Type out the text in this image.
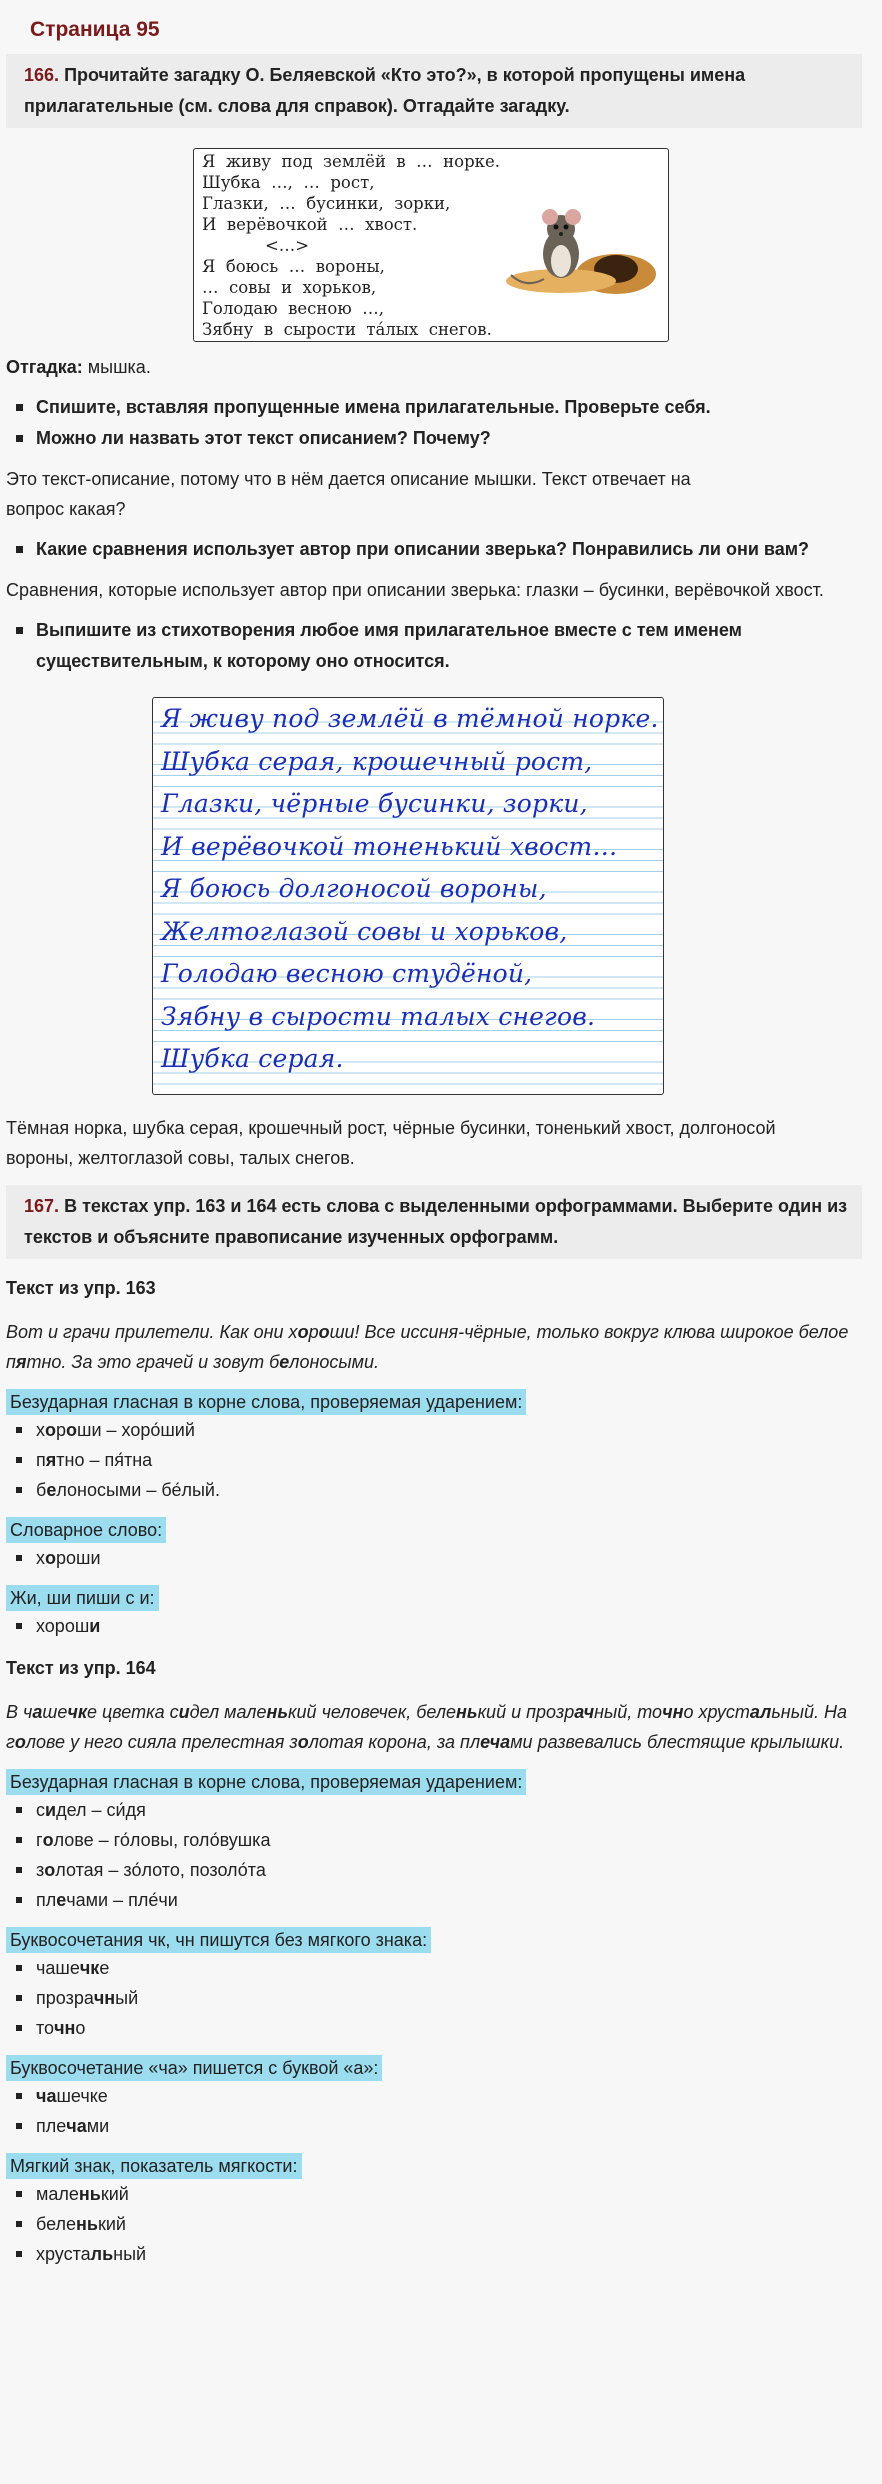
Страница 95
166. Прочитайте загадку О. Беляевской «Кто это?», в которой пропущены имена прилагательные (см. слова для справок). Отгадайте загадку.
Я  живу  под  землёй  в  …  норке.
Шубка  …,  …  рост,
Глазки,  …  бусинки,  зорки,
И  верёвочкой  …  хвост.
<…>
Я  боюсь  …  вороны,
…  совы  и  хорьков,
Голодаю  весною  …,
Зябну  в  сырости  та́лых  снегов.

Отгадка: мышка.

Спишите, вставляя пропущенные имена прилагательные. Проверьте себя.
Можно ли назвать этот текст описанием? Почему?

Это текст-описание, потому что в нём дается описание мышки. Текст отвечает на вопрос какая?

Какие сравнения использует автор при описании зверька? Понравились ли они вам?

Сравнения, которые использует автор при описании зверька: глазки – бусинки, верёвочкой хвост.

Выпишите из стихотворения любое имя прилагательное вместе с тем именем существительным, к которому оно относится.
Я живу под землёй в тёмной норке.
Шубка серая, крошечный рост,
Глазки, чёрные бусинки, зорки,
И верёвочкой тоненький хвост…
Я боюсь долгоносой вороны,
Желтоглазой совы и хорьков,
Голодаю весною студёной,
Зябну в сырости талых снегов.
Шубка серая.

Тёмная норка, шубка серая, крошечный рост, чёрные бусинки, тоненький хвост, долгоносой вороны, желтоглазой совы, талых снегов.

167. В текстах упр. 163 и 164 есть слова с выделенными орфограммами. Выберите один из текстов и объясните правописание изученных орфограмм.

Текст из упр. 163

Вот и грачи прилетели. Как они хороши! Все иссиня-чёрные, только вокруг клюва широкое белое пятно. За это грачей и зовут белоносыми.

Безударная гласная в корне слова, проверяемая ударением:
хороши – хоро́ший
пятно – пя́тна
белоносыми – бе́лый.
Словарное слово:
хороши
Жи, ши пиши с и:
хороши

Текст из упр. 164

В чашечке цветка сидел маленький человечек, беленький и прозрачный, точно хрустальный. На голове у него сияла прелестная золотая корона, за плечами развевались блестящие крылышки.

Безударная гласная в корне слова, проверяемая ударением:
сидел – си́дя
голове – го́ловы, голо́вушка
золотая – зо́лото, позоло́та
плечами – пле́чи
Буквосочетания чк, чн пишутся без мягкого знака:
чашечке
прозрачный
точно
Буквосочетание «ча» пишется с буквой «а»:
чашечке
плечами
Мягкий знак, показатель мягкости:
маленький
беленький
хрустальный
